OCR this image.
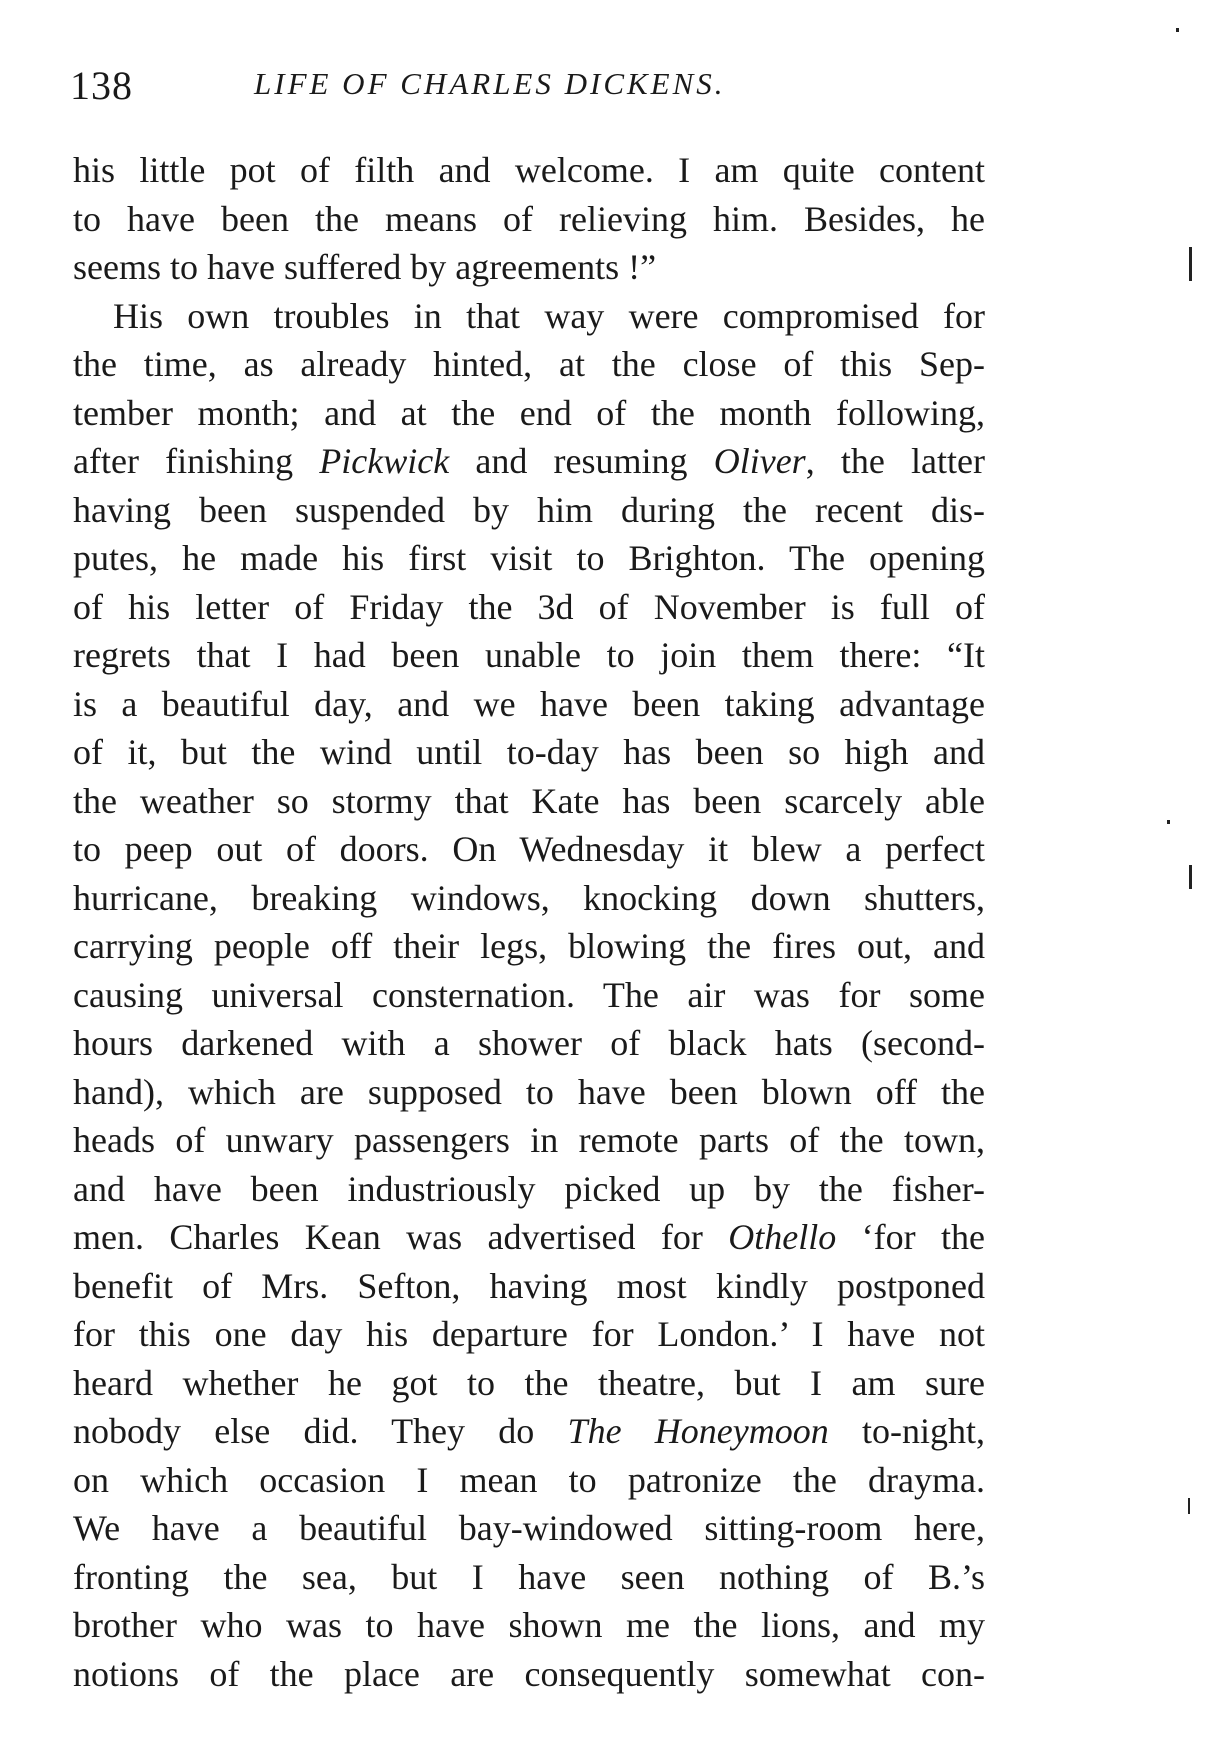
138	LIFE OF CHARLES DICKENS.
his little pot of filth and welcome. I am quite content
to have been the means of relieving him. Besides, he
seems to have suffered by agreements !”
His own troubles in that way were compromised for
the time, as already hinted, at the close of this Sep-
tember month; and at the end of the month following,
after finishing Pickwick and resuming Oliver, the latter
having been suspended by him during the recent dis-
putes, he made his first visit to Brighton. The opening
of his letter of Friday the 3d of November is full of
regrets that I had been unable to join them there: “It
is a beautiful day, and we have been taking advantage
of it, but the wind until to-day has been so high and
the weather so stormy that Kate has been scarcely able
to peep out of doors. On Wednesday it blew a perfect
hurricane, breaking windows, knocking down shutters,
carrying people off their legs, blowing the fires out, and
causing universal consternation. The air was for some
hours darkened with a shower of black hats (second-
hand), which are supposed to have been blown off the
heads of unwary passengers in remote parts of the town,
and have been industriously picked up by the fisher-
men. Charles Kean was advertised for Othello ‘for the
benefit of Mrs. Sefton, having most kindly postponed
for this one day his departure for London.’ I have not
heard whether he got to the theatre, but I am sure
nobody else did. They do The Honeymoon to-night,
on which occasion I mean to patronize the drayma.
We have a beautiful bay-windowed sitting-room here,
fronting the sea, but I have seen nothing of B.’s
brother who was to have shown me the lions, and my
notions of the place are consequently somewhat con-
